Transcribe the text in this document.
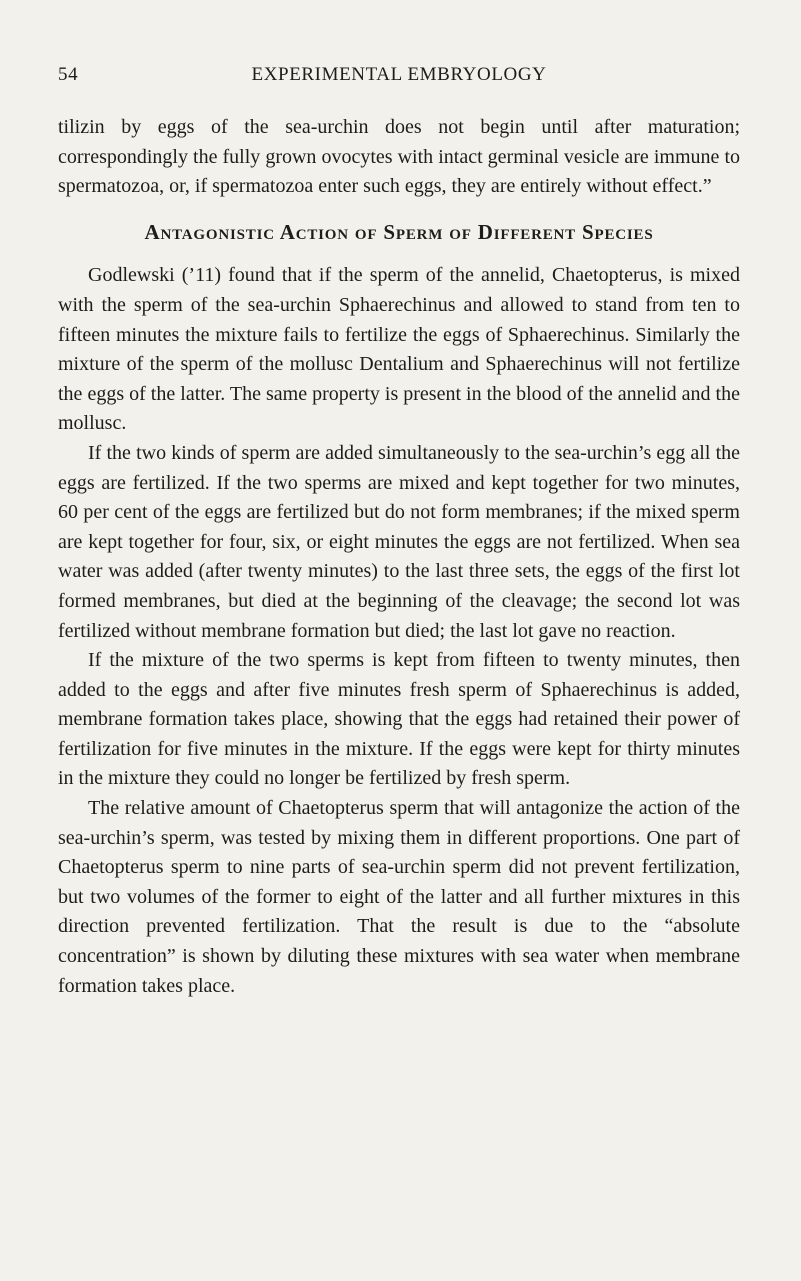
54	EXPERIMENTAL EMBRYOLOGY

tilizin by eggs of the sea-urchin does not begin until after maturation; correspondingly the fully grown ovocytes with intact germinal vesicle are immune to spermatozoa, or, if spermatozoa enter such eggs, they are entirely without effect.”

Antagonistic Action of Sperm of Different Species

Godlewski (’11) found that if the sperm of the annelid, Chaetopterus, is mixed with the sperm of the sea-urchin Sphaerechinus and allowed to stand from ten to fifteen minutes the mixture fails to fertilize the eggs of Sphaerechinus. Similarly the mixture of the sperm of the mollusc Dentalium and Sphaerechinus will not fertilize the eggs of the latter. The same property is present in the blood of the annelid and the mollusc.

If the two kinds of sperm are added simultaneously to the sea-urchin’s egg all the eggs are fertilized. If the two sperms are mixed and kept together for two minutes, 60 per cent of the eggs are fertilized but do not form membranes; if the mixed sperm are kept together for four, six, or eight minutes the eggs are not fertilized. When sea water was added (after twenty minutes) to the last three sets, the eggs of the first lot formed membranes, but died at the beginning of the cleavage; the second lot was fertilized without membrane formation but died; the last lot gave no reaction.

If the mixture of the two sperms is kept from fifteen to twenty minutes, then added to the eggs and after five minutes fresh sperm of Sphaerechinus is added, membrane formation takes place, showing that the eggs had retained their power of fertilization for five minutes in the mixture. If the eggs were kept for thirty minutes in the mixture they could no longer be fertilized by fresh sperm.

The relative amount of Chaetopterus sperm that will antagonize the action of the sea-urchin’s sperm, was tested by mixing them in different proportions. One part of Chaetopterus sperm to nine parts of sea-urchin sperm did not prevent fertilization, but two volumes of the former to eight of the latter and all further mixtures in this direction prevented fertilization. That the result is due to the “absolute concentration” is shown by diluting these mixtures with sea water when membrane formation takes place.
